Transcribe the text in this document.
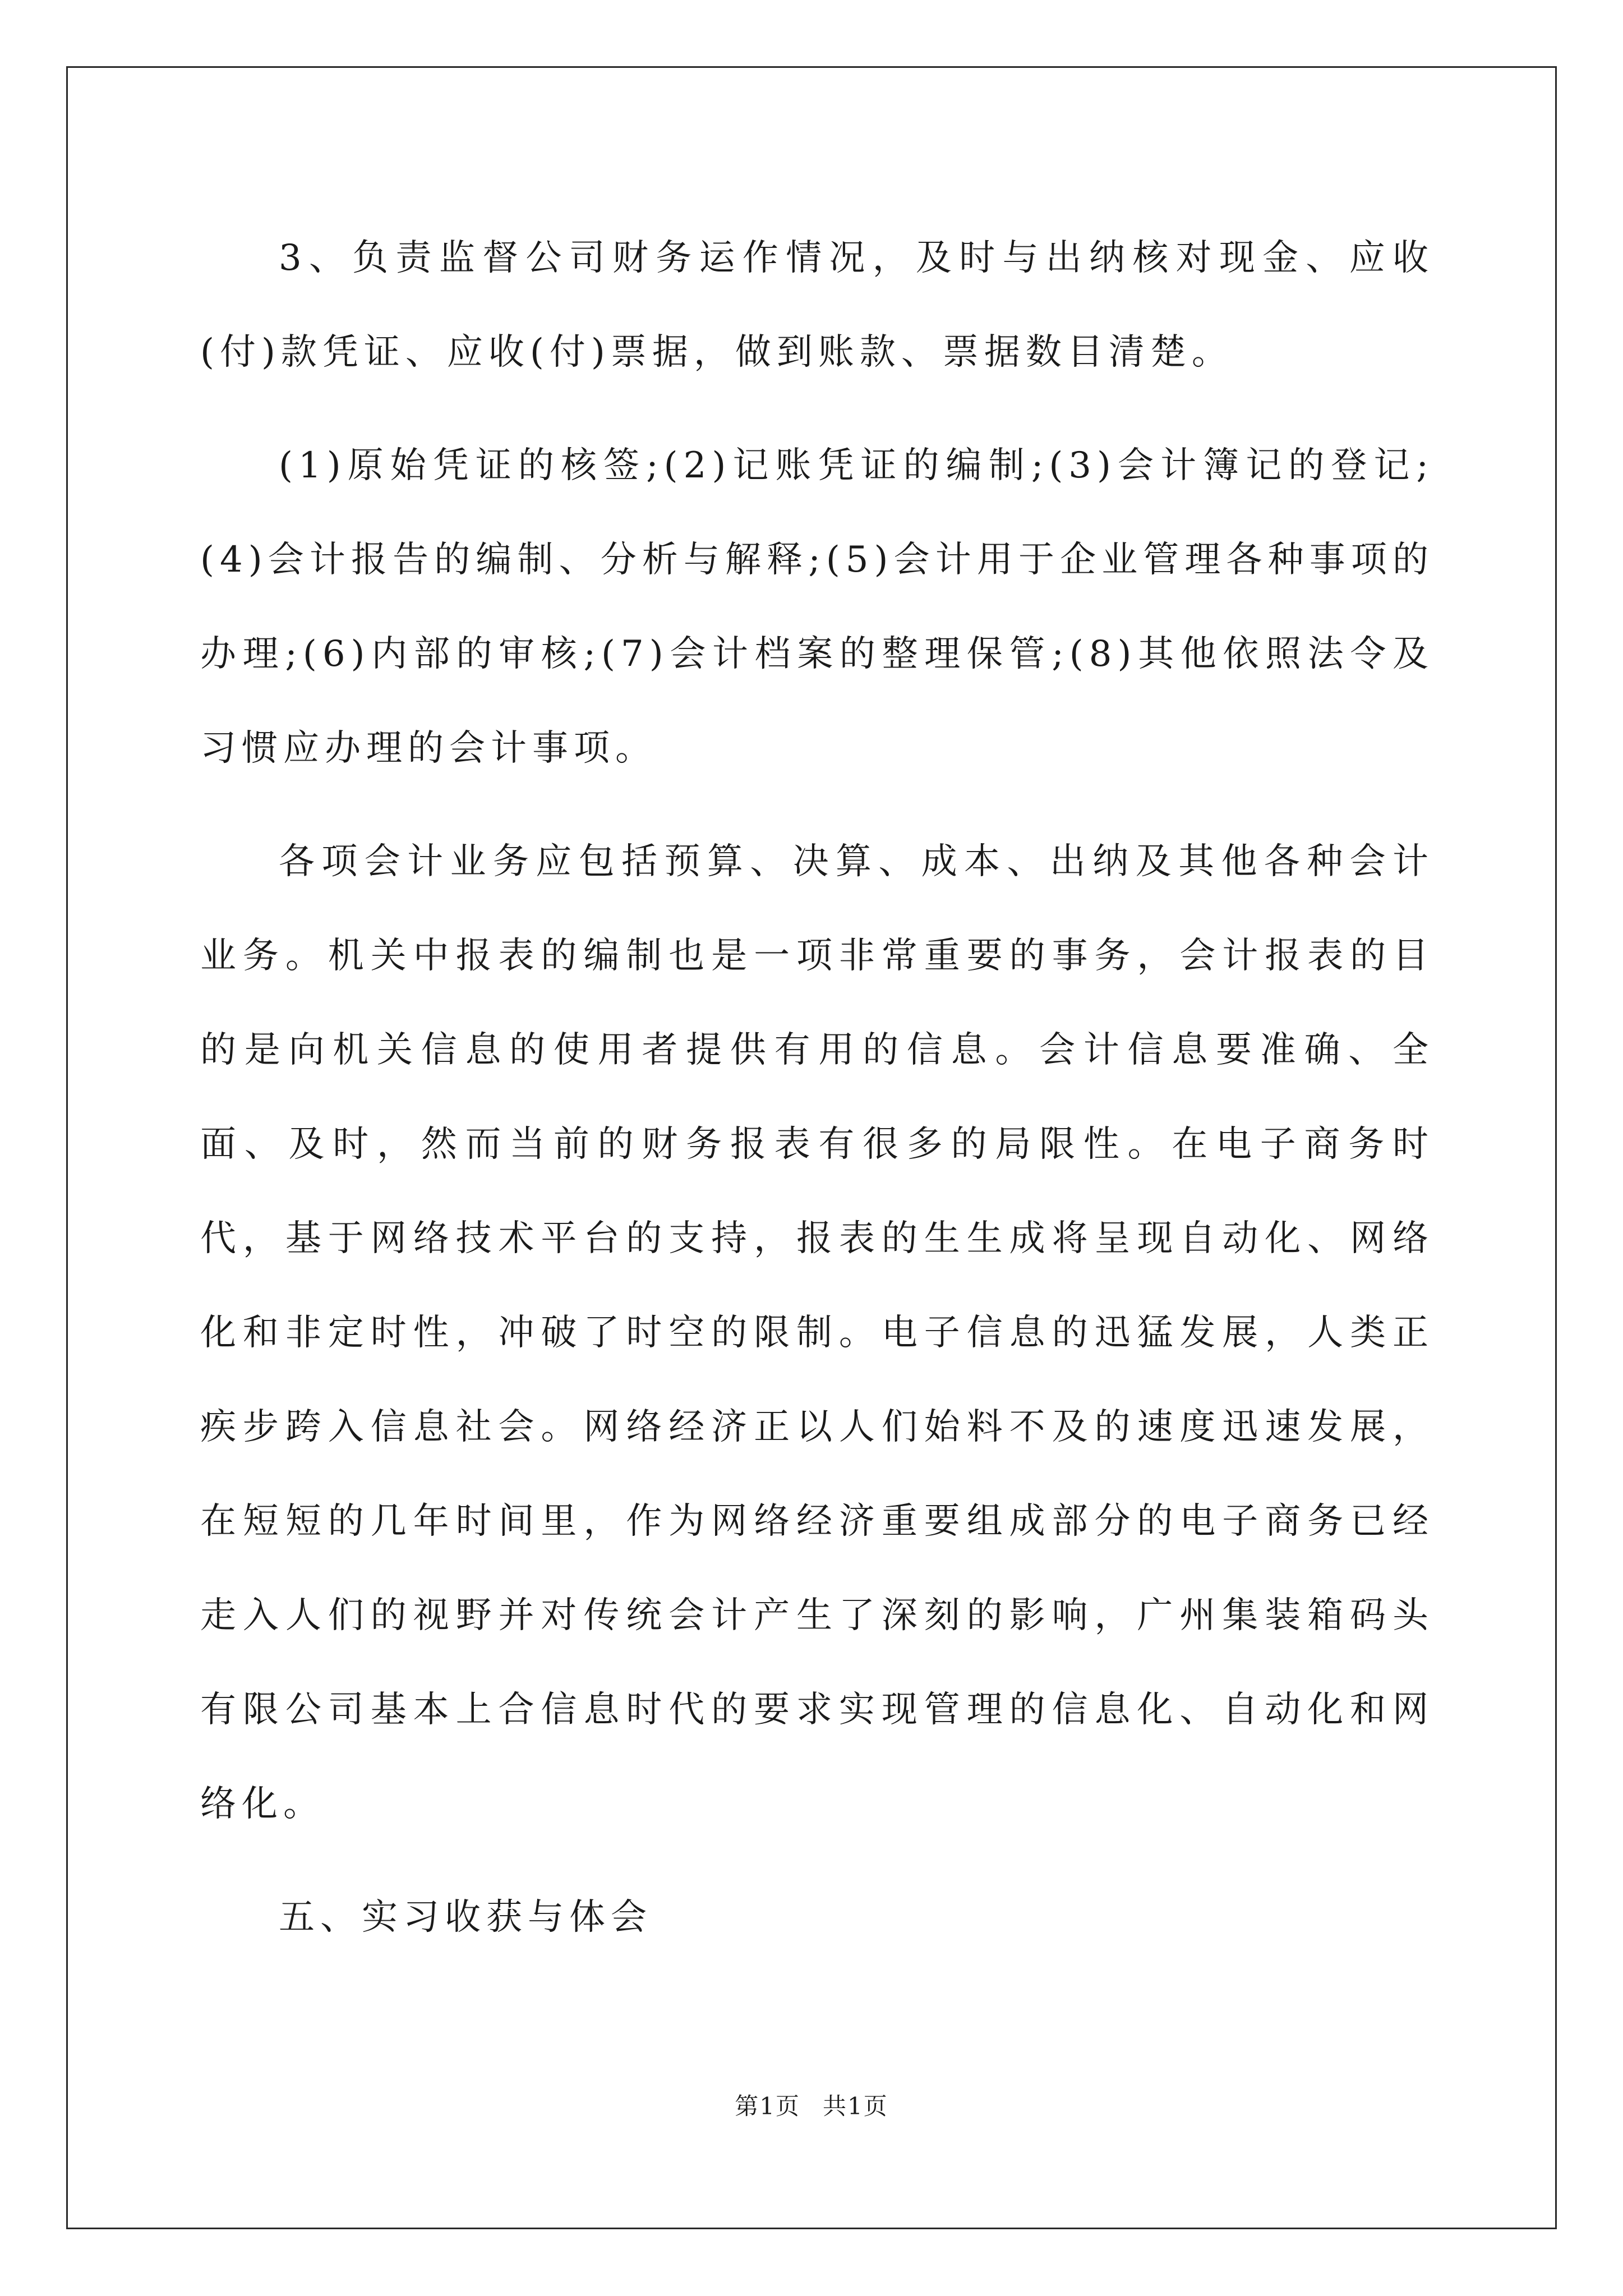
3、负责监督公司财务运作情况，及时与出纳核对现金、应收(付)款凭证、应收(付)票据，做到账款、票据数目清楚。

(1)原始凭证的核签;(2)记账凭证的编制;(3)会计簿记的登记;(4)会计报告的编制、分析与解释;(5)会计用于企业管理各种事项的办理;(6)内部的审核;(7)会计档案的整理保管;(8)其他依照法令及习惯应办理的会计事项。

各项会计业务应包括预算、决算、成本、出纳及其他各种会计业务。机关中报表的编制也是一项非常重要的事务，会计报表的目的是向机关信息的使用者提供有用的信息。会计信息要准确、全面、及时，然而当前的财务报表有很多的局限性。在电子商务时代，基于网络技术平台的支持，报表的生生成将呈现自动化、网络化和非定时性，冲破了时空的限制。电子信息的迅猛发展，人类正疾步跨入信息社会。网络经济正以人们始料不及的速度迅速发展，在短短的几年时间里，作为网络经济重要组成部分的电子商务已经走入人们的视野并对传统会计产生了深刻的影响，广州集装箱码头有限公司基本上合信息时代的要求实现管理的信息化、自动化和网络化。

五、实习收获与体会

第1页 共1页
